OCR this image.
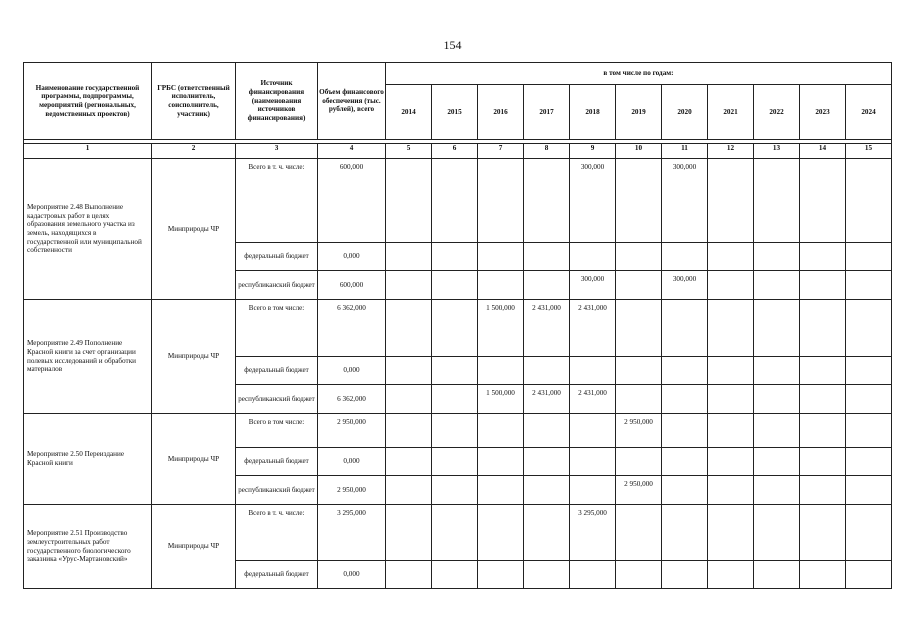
154
Наименование государственной программы, подпрограммы, мероприятий (региональных, ведомственных проектов)	ГРБС (ответственный исполнитель, соисполнитель, участник)	Источник финансирования (наименования источников финансирования)	Объем финансового обеспечения (тыс. рублей), всего	в том числе по годам:										
				2014	2015	2016	2017	2018	2019	2020	2021	2022	2023	2024

1	2	3	4	5	6	7	8	9	10	11	12	13	14	15
Мероприятие 2.48 Выполнение кадастровых работ в целях образования земельного участка из земель, находящихся в государственной или муниципальной собственности	Минприроды ЧР	Всего в т. ч. числе:	600,000					300,000		300,000				
		федеральный бюджет	0,000											
		республиканский бюджет	600,000					300,000		300,000				
Мероприятие 2.49 Пополнение Красной книги за счет организации полевых исследований и обработки материалов	Минприроды ЧР	Всего в том числе:	6 362,000			1 500,000	2 431,000	2 431,000						
		федеральный бюджет	0,000											
		республиканский бюджет	6 362,000			1 500,000	2 431,000	2 431,000						
Мероприятие 2.50 Переиздание Красной книги	Минприроды ЧР	Всего в том числе:	2 950,000						2 950,000					
		федеральный бюджет	0,000											
		республиканский бюджет	2 950,000						2 950,000					
Мероприятие 2.51 Производство землеустроительных работ государственного биологического заказника «Урус-Мартановский»	Минприроды ЧР	Всего в т. ч. числе:	3 295,000					3 295,000						
		федеральный бюджет	0,000											
